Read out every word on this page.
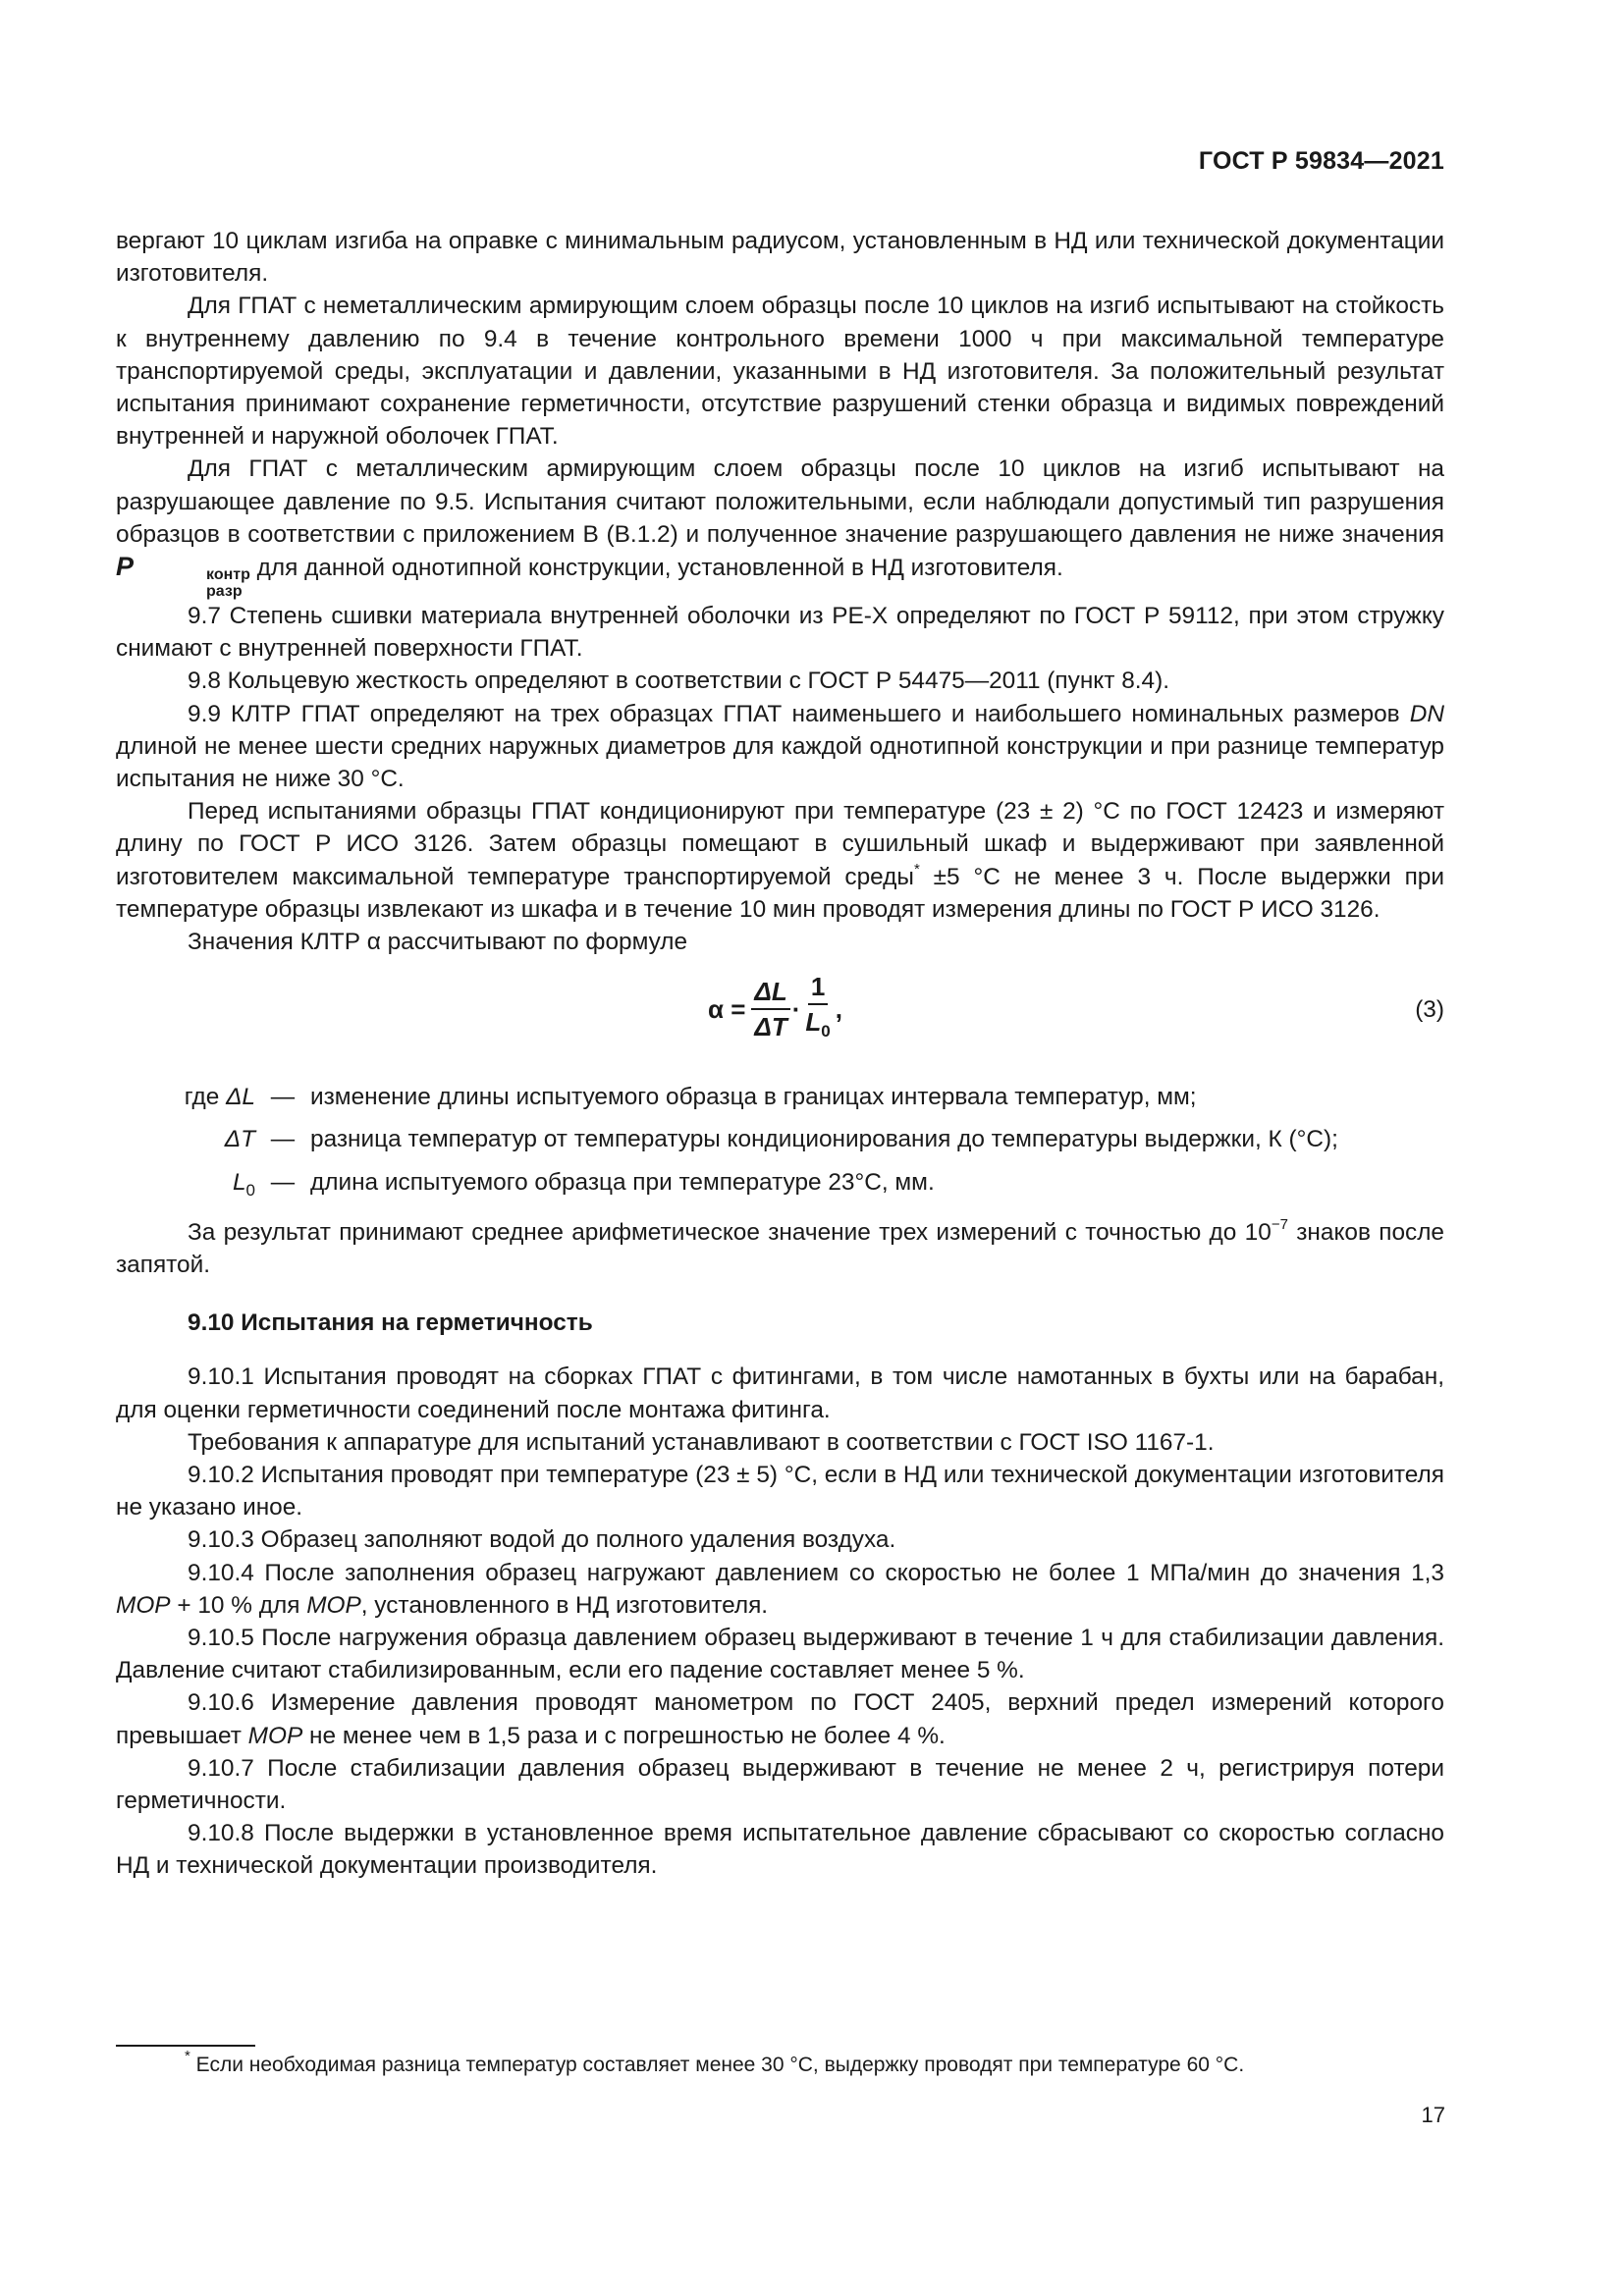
ГОСТ Р 59834—2021

вергают 10 циклам изгиба на оправке с минимальным радиусом, установленным в НД или технической документации изготовителя.

Для ГПАТ с неметаллическим армирующим слоем образцы после 10 циклов на изгиб испытывают на стойкость к внутреннему давлению по 9.4 в течение контрольного времени 1000 ч при максимальной температуре транспортируемой среды, эксплуатации и давлении, указанными в НД изготовителя. За положительный результат испытания принимают сохранение герметичности, отсутствие разрушений стенки образца и видимых повреждений внутренней и наружной оболочек ГПАТ.

Для ГПАТ с металлическим армирующим слоем образцы после 10 циклов на изгиб испытывают на разрушающее давление по 9.5. Испытания считают положительными, если наблюдали допустимый тип разрушения образцов в соответствии с приложением В (В.1.2) и полученное значение разрушающего давления не ниже значения P	контр
разр
для данной однотипной конструкции, установленной в НД изготовителя.

9.7 Степень сшивки материала внутренней оболочки из РЕ-Х определяют по ГОСТ Р 59112, при этом стружку снимают с внутренней поверхности ГПАТ.

9.8 Кольцевую жесткость определяют в соответствии с ГОСТ Р 54475—2011 (пункт 8.4).

9.9 КЛТР ГПАТ определяют на трех образцах ГПАТ наименьшего и наибольшего номинальных размеров DN длиной не менее шести средних наружных диаметров для каждой однотипной конструкции и при разнице температур испытания не ниже 30 °С.

Перед испытаниями образцы ГПАТ кондиционируют при температуре (23 ± 2) °С по ГОСТ 12423 и измеряют длину по ГОСТ Р ИСО 3126. Затем образцы помещают в сушильный шкаф и выдерживают при заявленной изготовителем максимальной температуре транспортируемой среды* ±5 °С не менее 3 ч. После выдержки при температуре образцы извлекают из шкафа и в течение 10 мин проводят измерения длины по ГОСТ Р ИСО 3126.

Значения КЛТР α рассчитывают по формуле

$\alpha = \frac{\Delta L}{\Delta T} \cdot \frac{1}{L_0}$ ,	(3)
где ΔL — изменение длины испытуемого образца в границах интервала температур, мм;
ΔT — разница температур от температуры кондиционирования до температуры выдержки, К (°С);
$L_0$ — длина испытуемого образца при температуре 23°С, мм.

За результат принимают среднее арифметическое значение трех измерений с точностью до $10^{-7}$ знаков после запятой.

9.10 Испытания на герметичность

9.10.1 Испытания проводят на сборках ГПАТ с фитингами, в том числе намотанных в бухты или на барабан, для оценки герметичности соединений после монтажа фитинга.

Требования к аппаратуре для испытаний устанавливают в соответствии с ГОСТ ISO 1167-1.

9.10.2 Испытания проводят при температуре (23 ± 5) °С, если в НД или технической документации изготовителя не указано иное.

9.10.3 Образец заполняют водой до полного удаления воздуха.

9.10.4 После заполнения образец нагружают давлением со скоростью не более 1 МПа/мин до значения 1,3 MOP + 10 % для MOP, установленного в НД изготовителя.

9.10.5 После нагружения образца давлением образец выдерживают в течение 1 ч для стабилизации давления. Давление считают стабилизированным, если его падение составляет менее 5 %.

9.10.6 Измерение давления проводят манометром по ГОСТ 2405, верхний предел измерений которого превышает MOP не менее чем в 1,5 раза и с погрешностью не более 4 %.

9.10.7 После стабилизации давления образец выдерживают в течение не менее 2 ч, регистрируя потери герметичности.

9.10.8 После выдержки в установленное время испытательное давление сбрасывают со скоростью согласно НД и технической документации производителя.

* Если необходимая разница температур составляет менее 30 °С, выдержку проводят при температуре 60 °С.
17
